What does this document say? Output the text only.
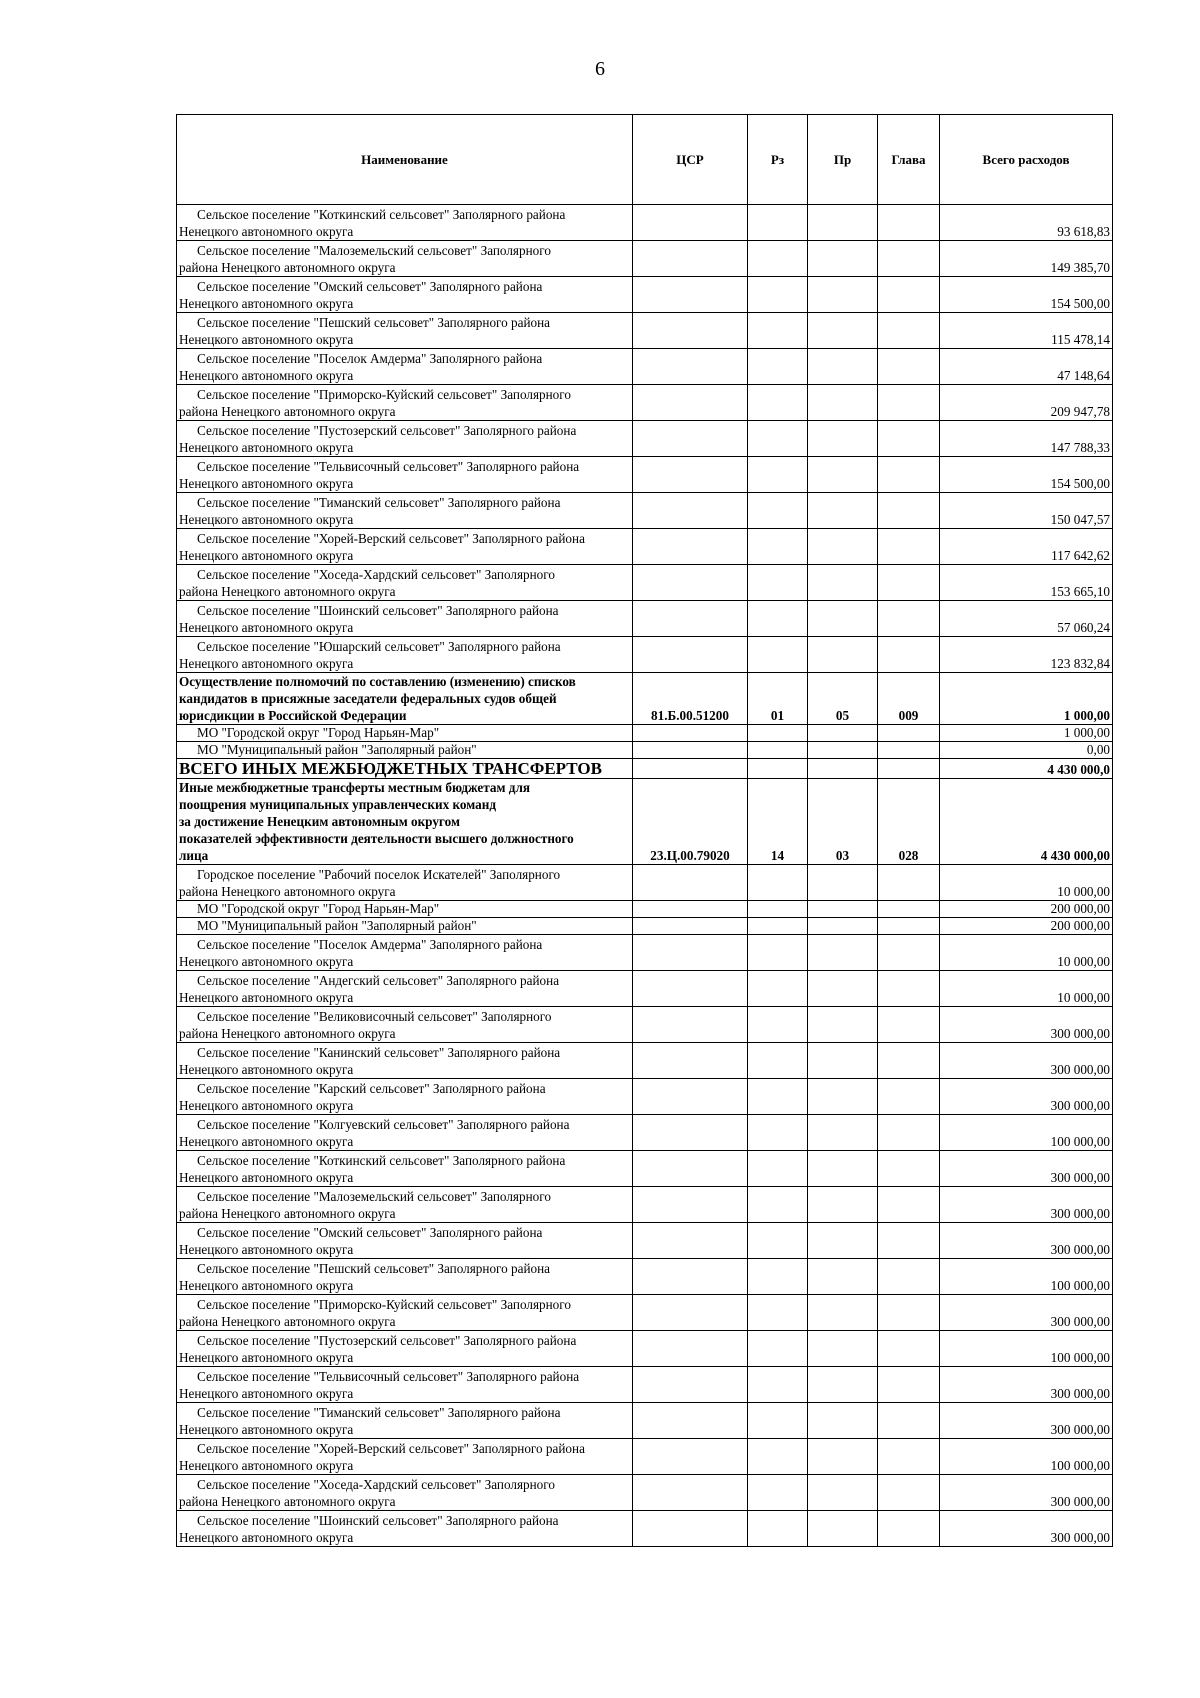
6
Наименование	ЦСР	Рз	Пр	Глава	Всего расходов

Сельское поселение "Коткинский сельсовет" Заполярного района
Ненецкого автономного округа					93 618,83

Сельское поселение "Малоземельский сельсовет" Заполярного
района Ненецкого автономного округа					149 385,70

Сельское поселение "Омский сельсовет" Заполярного района
Ненецкого автономного округа					154 500,00

Сельское поселение "Пешский сельсовет" Заполярного района
Ненецкого автономного округа					115 478,14

Сельское поселение "Поселок Амдерма" Заполярного района
Ненецкого автономного округа					47 148,64

Сельское поселение "Приморско-Куйский сельсовет" Заполярного
района Ненецкого автономного округа					209 947,78

Сельское поселение "Пустозерский сельсовет" Заполярного района
Ненецкого автономного округа					147 788,33

Сельское поселение "Тельвисочный сельсовет" Заполярного района
Ненецкого автономного округа					154 500,00

Сельское поселение "Тиманский сельсовет" Заполярного района
Ненецкого автономного округа					150 047,57

Сельское поселение "Хорей-Верский сельсовет" Заполярного района
Ненецкого автономного округа					117 642,62

Сельское поселение "Хоседа-Хардский сельсовет" Заполярного
района Ненецкого автономного округа					153 665,10

Сельское поселение "Шоинский сельсовет" Заполярного района
Ненецкого автономного округа					57 060,24

Сельское поселение "Юшарский сельсовет" Заполярного района
Ненецкого автономного округа					123 832,84

Осуществление полномочий по составлению (изменению) списков
кандидатов в присяжные заседатели федеральных судов общей
юрисдикции в Российской Федерации	81.Б.00.51200	01	05	009	1 000,00

МО "Городской округ "Город Нарьян-Мар"					1 000,00

МО "Муниципальный район "Заполярный район"					0,00

ВСЕГО ИНЫХ МЕЖБЮДЖЕТНЫХ ТРАНСФЕРТОВ					4 430 000,0

Иные межбюджетные трансферты местным бюджетам для
поощрения муниципальных управленческих команд
за достижение Ненецким автономным округом
показателей эффективности деятельности высшего должностного
лица	23.Ц.00.79020	14	03	028	4 430 000,00

Городское поселение "Рабочий поселок Искателей" Заполярного
района Ненецкого автономного округа					10 000,00

МО "Городской округ "Город Нарьян-Мар"					200 000,00

МО "Муниципальный район "Заполярный район"					200 000,00

Сельское поселение "Поселок Амдерма" Заполярного района
Ненецкого автономного округа					10 000,00

Сельское поселение "Андегский сельсовет" Заполярного района
Ненецкого автономного округа					10 000,00

Сельское поселение "Великовисочный сельсовет" Заполярного
района Ненецкого автономного округа					300 000,00

Сельское поселение "Канинский сельсовет" Заполярного района
Ненецкого автономного округа					300 000,00

Сельское поселение "Карский сельсовет" Заполярного района
Ненецкого автономного округа					300 000,00

Сельское поселение "Колгуевский сельсовет" Заполярного района
Ненецкого автономного округа					100 000,00

Сельское поселение "Коткинский сельсовет" Заполярного района
Ненецкого автономного округа					300 000,00

Сельское поселение "Малоземельский сельсовет" Заполярного
района Ненецкого автономного округа					300 000,00

Сельское поселение "Омский сельсовет" Заполярного района
Ненецкого автономного округа					300 000,00

Сельское поселение "Пешский сельсовет" Заполярного района
Ненецкого автономного округа					100 000,00

Сельское поселение "Приморско-Куйский сельсовет" Заполярного
района Ненецкого автономного округа					300 000,00

Сельское поселение "Пустозерский сельсовет" Заполярного района
Ненецкого автономного округа					100 000,00

Сельское поселение "Тельвисочный сельсовет" Заполярного района
Ненецкого автономного округа					300 000,00

Сельское поселение "Тиманский сельсовет" Заполярного района
Ненецкого автономного округа					300 000,00

Сельское поселение "Хорей-Верский сельсовет" Заполярного района
Ненецкого автономного округа					100 000,00

Сельское поселение "Хоседа-Хардский сельсовет" Заполярного
района Ненецкого автономного округа					300 000,00

Сельское поселение "Шоинский сельсовет" Заполярного района
Ненецкого автономного округа					300 000,00
